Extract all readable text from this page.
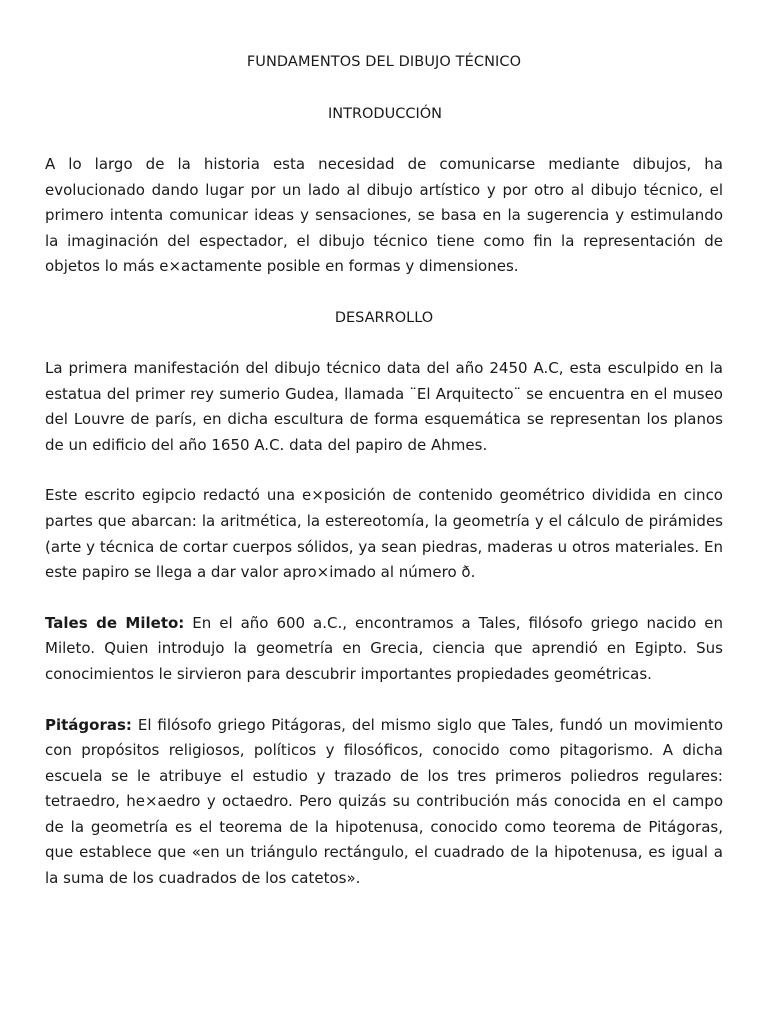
FUNDAMENTOS DEL DIBUJO TÉCNICO

INTRODUCCIÓN

A lo largo de la historia esta necesidad de comunicarse mediante dibujos, ha evolucionado dando lugar por un lado al dibujo artístico y por otro al dibujo técnico, el primero intenta comunicar ideas y sensaciones, se basa en la sugerencia y estimulando la imaginación del espectador, el dibujo técnico tiene como fin la representación de objetos lo más e×actamente posible en formas y dimensiones.

DESARROLLO

La primera manifestación del dibujo técnico data del año 2450 A.C, esta esculpido en la estatua del primer rey sumerio Gudea, llamada ¨El Arquitecto¨ se encuentra en el museo del Louvre de parís, en dicha escultura de forma esquemática se representan los planos de un edificio del año 1650 A.C. data del papiro de Ahmes.

Este escrito egipcio redactó una e×posición de contenido geométrico dividida en cinco partes que abarcan: la aritmética, la estereotomía, la geometría y el cálculo de pirámides (arte y técnica de cortar cuerpos sólidos, ya sean piedras, maderas u otros materiales. En este papiro se llega a dar valor apro×imado al número ð.

Tales de Mileto: En el año 600 a.C., encontramos a Tales, filósofo griego nacido en Mileto. Quien introdujo la geometría en Grecia, ciencia que aprendió en Egipto. Sus conocimientos le sirvieron para descubrir importantes propiedades geométricas.

Pitágoras: El filósofo griego Pitágoras, del mismo siglo que Tales, fundó un movimiento con propósitos religiosos, políticos y filosóficos, conocido como pitagorismo. A dicha escuela se le atribuye el estudio y trazado de los tres primeros poliedros regulares: tetraedro, he×aedro y octaedro. Pero quizás su contribución más conocida en el campo de la geometría es el teorema de la hipotenusa, conocido como teorema de Pitágoras, que establece que «en un triángulo rectángulo, el cuadrado de la hipotenusa, es igual a la suma de los cuadrados de los catetos».
